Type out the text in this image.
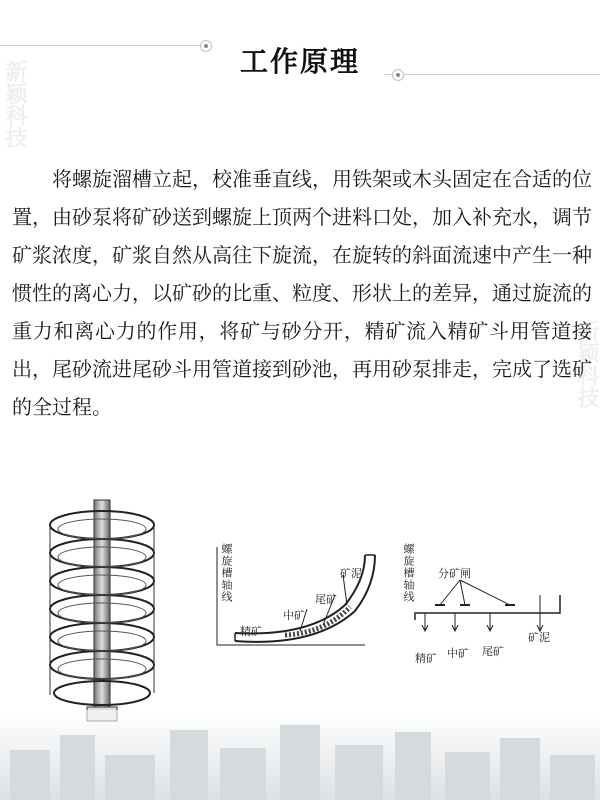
工作原理
新颖科技
新颖科技

将螺旋溜槽立起，校准垂直线，用铁架或木头固定在合适的位置，由砂泵将矿砂送到螺旋上顶两个进料口处，加入补充水，调节矿浆浓度，矿浆自然从高往下旋流，在旋转的斜面流速中产生一种惯性的离心力，以矿砂的比重、粒度、形状上的差异，通过旋流的重力和离心力的作用，将矿与砂分开，精矿流入精矿斗用管道接出，尾砂流进尾砂斗用管道接到砂池，再用砂泵排走，完成了选矿的全过程。

螺旋槽轴线
精矿
中矿
尾矿
矿泥	螺旋槽轴线 分矿闸
精矿 中矿 尾矿
矿泥
